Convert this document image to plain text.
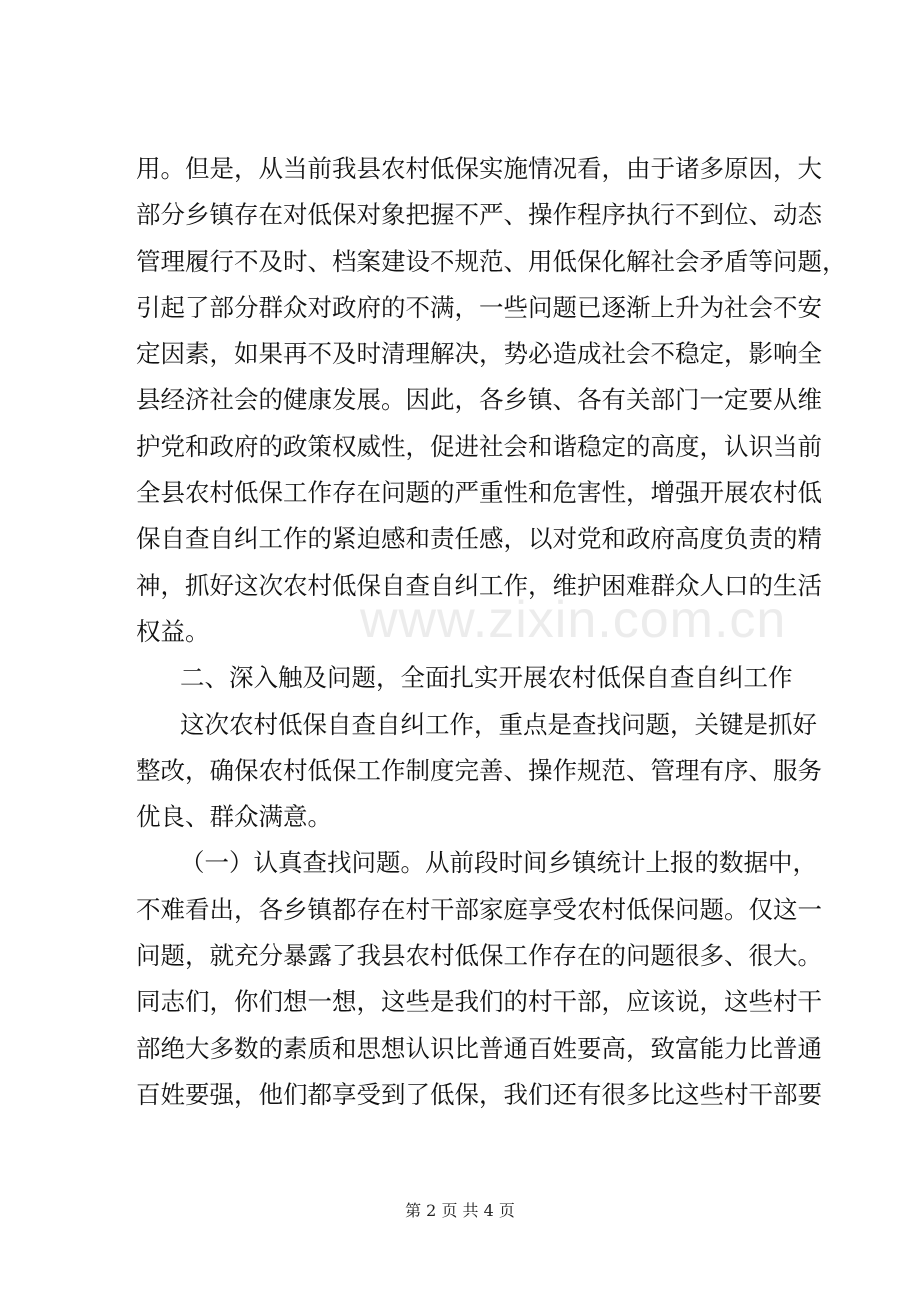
www.zixin.com.cn
用。但是，从当前我县农村低保实施情况看，由于诸多原因，大
部分乡镇存在对低保对象把握不严、操作程序执行不到位、动态
管理履行不及时、档案建设不规范、用低保化解社会矛盾等问题，
引起了部分群众对政府的不满，一些问题已逐渐上升为社会不安
定因素，如果再不及时清理解决，势必造成社会不稳定，影响全
县经济社会的健康发展。因此，各乡镇、各有关部门一定要从维
护党和政府的政策权威性，促进社会和谐稳定的高度，认识当前
全县农村低保工作存在问题的严重性和危害性，增强开展农村低
保自查自纠工作的紧迫感和责任感，以对党和政府高度负责的精
神，抓好这次农村低保自查自纠工作，维护困难群众人口的生活
权益。
二、深入触及问题，全面扎实开展农村低保自查自纠工作
这次农村低保自查自纠工作，重点是查找问题，关键是抓好
整改，确保农村低保工作制度完善、操作规范、管理有序、服务
优良、群众满意。
（一）认真查找问题。从前段时间乡镇统计上报的数据中，
不难看出，各乡镇都存在村干部家庭享受农村低保问题。仅这一
问题，就充分暴露了我县农村低保工作存在的问题很多、很大。
同志们，你们想一想，这些是我们的村干部，应该说，这些村干
部绝大多数的素质和思想认识比普通百姓要高，致富能力比普通
百姓要强，他们都享受到了低保，我们还有很多比这些村干部要
第 2 页 共 4 页
